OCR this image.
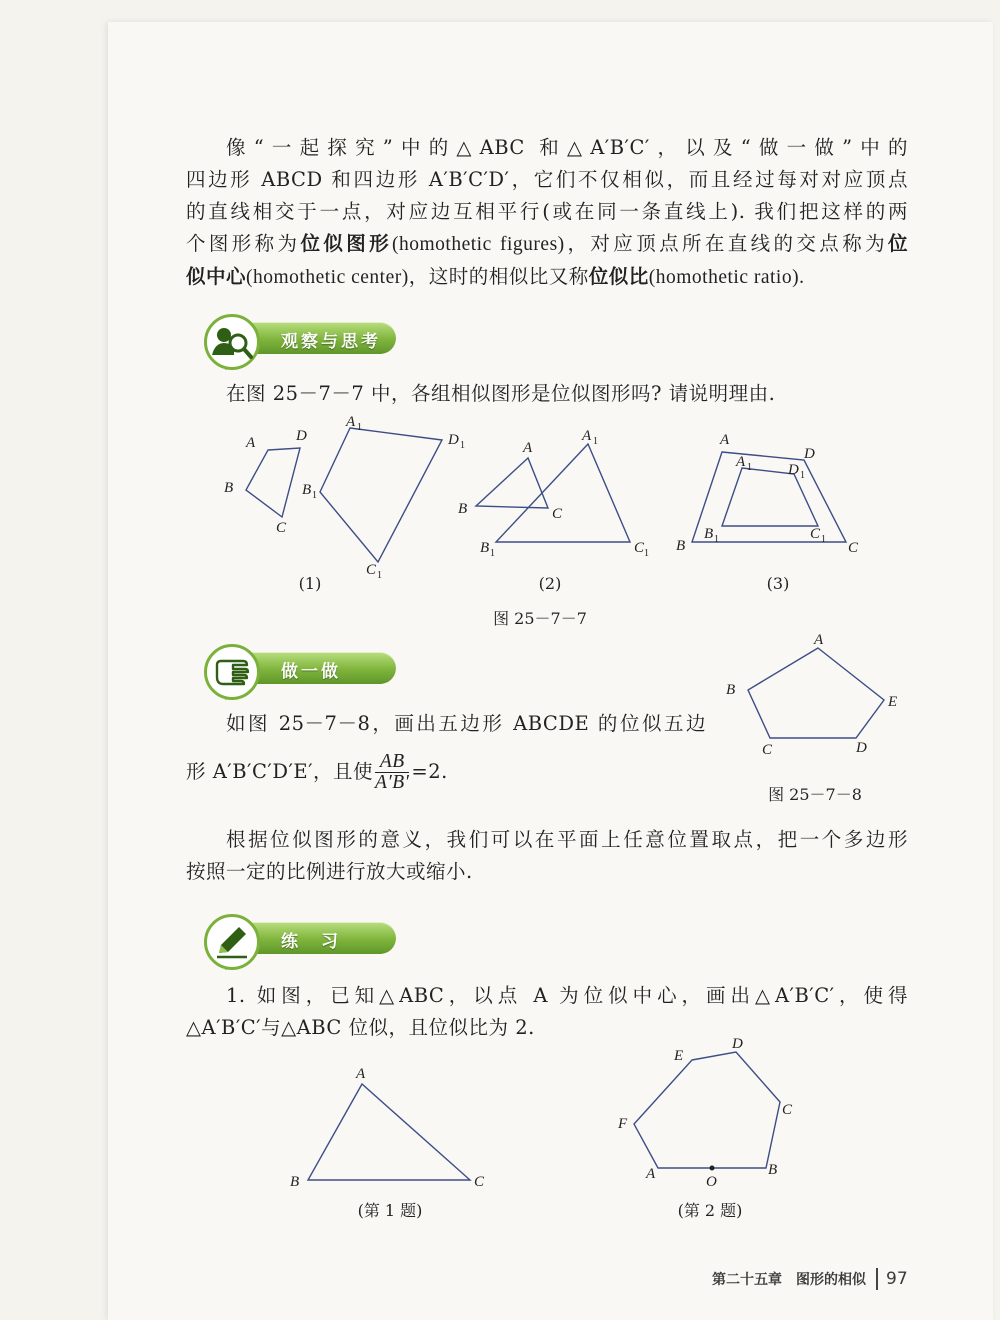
像“一起探究”中的△ABC 和△A′B′C′，以及“做一做”中的
四边形 ABCD 和四边形 A′B′C′D′，它们不仅相似，而且经过每对对应顶点
的直线相交于一点，对应边互相平行(或在同一条直线上). 我们把这样的两
个图形称为位似图形(homothetic figures)，对应顶点所在直线的交点称为位
似中心(homothetic center)，这时的相似比又称位似比(homothetic ratio).
观察与思考
在图 25－7－7 中，各组相似图形是位似图形吗? 请说明理由.
A	D
B
C
A 1
D 1
B 1
C 1
A
B	C
A 1
B 1	C 1
A
D
B	C
A 1 D 1
B 1	C 1
(1)	(2)	(3)
图 25－7－7
做一做
如图 25－7－8，画出五边形 ABCDE 的位似五边
形 A′B′C′D′E′，且使 $\frac{AB}{A'B'} =2$.
A
E
D
C
B
图 25－7－8
根据位似图形的意义，我们可以在平面上任意位置取点，把一个多边形
按照一定的比例进行放大或缩小.
练　习
1. 如图，已知△ABC，以点 A 为位似中心，画出△A′B′C′，使得
△A′B′C′与△ABC 位似，且位似比为 2.
A
B	C
(第 1 题)
E
D
C
B
A	O
F
(第 2 题)
第二十五章　图形的相似 97
